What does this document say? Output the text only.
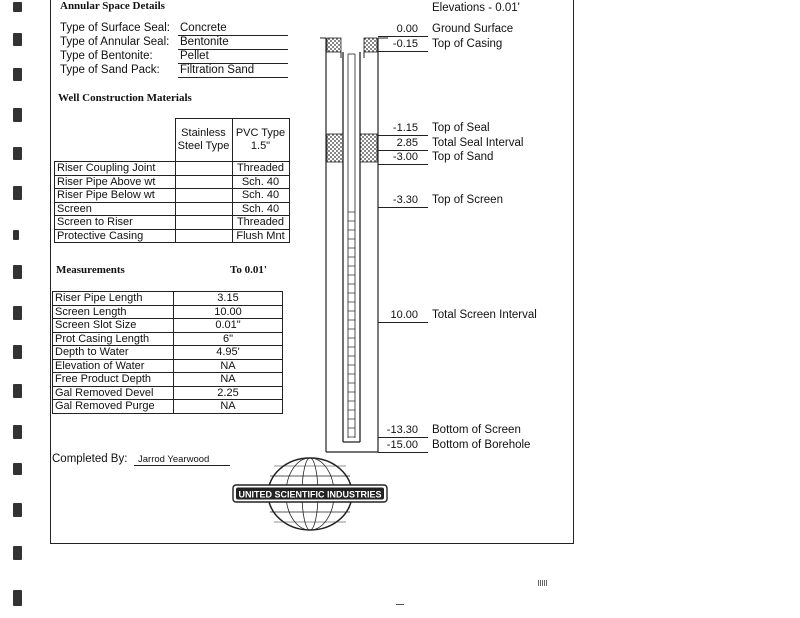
Annular Space Details
Type of Surface Seal: Concrete
Type of Annular Seal: Bentonite
Type of Bentonite: Pellet
Type of Sand Pack: Filtration Sand
Well Construction Materials
	Stainless Steel Type	PVC Type 1.5"
Riser Coupling Joint		Threaded
Riser Pipe Above wt		Sch. 40
Riser Pipe Below wt		Sch. 40
Screen		Sch. 40
Screen to Riser		Threaded
Protective Casing		Flush Mnt
Measurements	To 0.01'
Riser Pipe Length	3.15
Screen Length	10.00
Screen Slot Size	0.01"
Prot Casing Length	6"
Depth to Water	4.95'
Elevation of Water	NA
Free Product Depth	NA
Gal Removed Devel	2.25
Gal Removed Purge	NA
Completed By:	Jarrod Yearwood
Elevations - 0.01'
0.00 Ground Surface
-0.15 Top of Casing
-1.15 Top of Seal
2.85 Total Seal Interval
-3.00 Top of Sand
-3.30 Top of Screen
10.00 Total Screen Interval
-13.30 Bottom of Screen
-15.00 Bottom of Borehole
UNITED SCIENTIFIC INDUSTRIES
